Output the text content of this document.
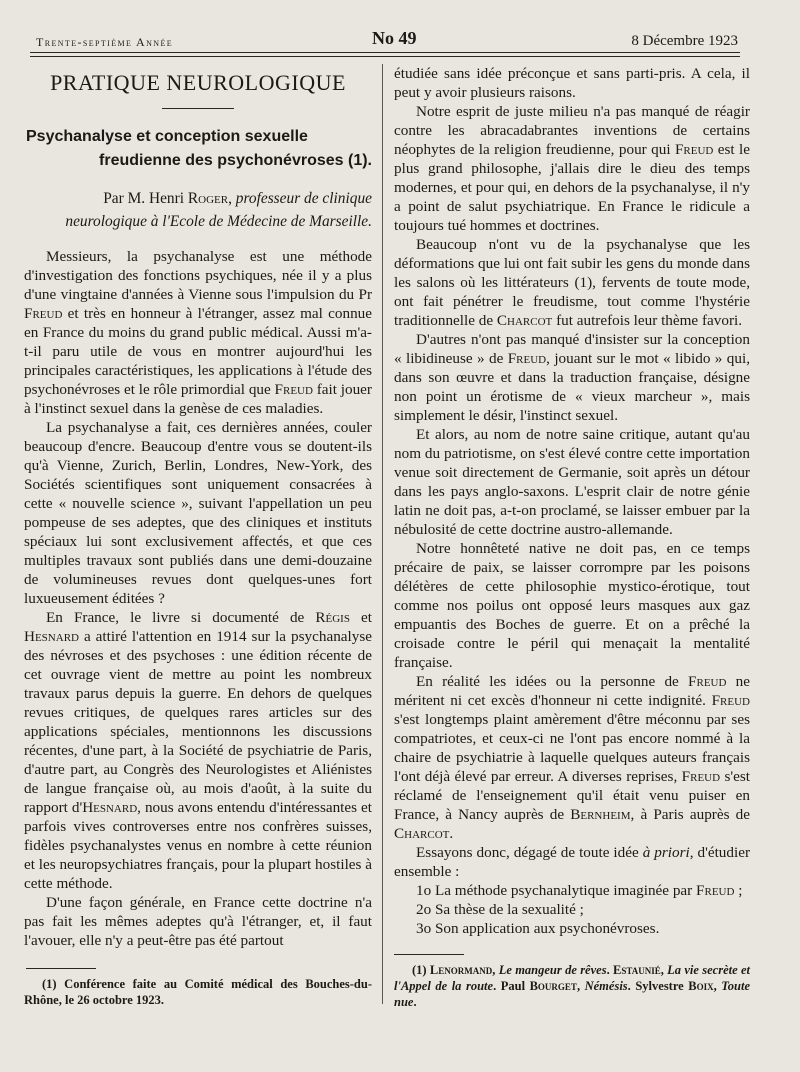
Trente-septième Année	No 49	8 Décembre 1923
PRATIQUE NEUROLOGIQUE
Psychanalyse et conception sexuelle
freudienne des psychonévroses (1).

Par M. Henri Roger, professeur de clinique

neurologique à l'Ecole de Médecine de Marseille.

Messieurs, la psychanalyse est une méthode d'investigation des fonctions psychiques, née il y a plus d'une vingtaine d'années à Vienne sous l'impulsion du Pr Freud et très en honneur à l'étranger, assez mal connue en France du moins du grand public médical. Aussi m'a-t-il paru utile de vous en montrer aujourd'hui les principales caractéristiques, les applications à l'étude des psychonévroses et le rôle primordial que Freud fait jouer à l'instinct sexuel dans la genèse de ces maladies.

La psychanalyse a fait, ces dernières années, couler beaucoup d'encre. Beaucoup d'entre vous se doutent-ils qu'à Vienne, Zurich, Berlin, Londres, New-York, des Sociétés scientifiques sont uniquement consacrées à cette « nouvelle science », suivant l'appellation un peu pompeuse de ses adeptes, que des cliniques et instituts spéciaux lui sont exclusivement affectés, et que ces multiples travaux sont publiés dans une demi-douzaine de volumineuses revues dont quelques-unes fort luxueusement éditées ?

En France, le livre si documenté de Régis et Hesnard a attiré l'attention en 1914 sur la psychanalyse des névroses et des psychoses : une édition récente de cet ouvrage vient de mettre au point les nombreux travaux parus depuis la guerre. En dehors de quelques revues critiques, de quelques rares articles sur des applications spéciales, mentionnons les discussions récentes, d'une part, à la Société de psychiatrie de Paris, d'autre part, au Congrès des Neurologistes et Aliénistes de langue française où, au mois d'août, à la suite du rapport d'Hesnard, nous avons entendu d'intéressantes et parfois vives controverses entre nos confrères suisses, fidèles psychanalystes venus en nombre à cette réunion et les neuropsychiatres français, pour la plupart hostiles à cette méthode.

D'une façon générale, en France cette doctrine n'a pas fait les mêmes adeptes qu'à l'étranger, et, il faut l'avouer, elle n'y a peut-être pas été partout

étudiée sans idée préconçue et sans parti-pris. A cela, il peut y avoir plusieurs raisons.

Notre esprit de juste milieu n'a pas manqué de réagir contre les abracadabrantes inventions de certains néophytes de la religion freudienne, pour qui Freud est le plus grand philosophe, j'allais dire le dieu des temps modernes, et pour qui, en dehors de la psychanalyse, il n'y a point de salut psychiatrique. En France le ridicule a toujours tué hommes et doctrines.

Beaucoup n'ont vu de la psychanalyse que les déformations que lui ont fait subir les gens du monde dans les salons où les littérateurs (1), fervents de toute mode, ont fait pénétrer le freudisme, tout comme l'hystérie traditionnelle de Charcot fut autrefois leur thème favori.

D'autres n'ont pas manqué d'insister sur la conception « libidineuse » de Freud, jouant sur le mot « libido » qui, dans son œuvre et dans la traduction française, désigne non point un érotisme de « vieux marcheur », mais simplement le désir, l'instinct sexuel.

Et alors, au nom de notre saine critique, autant qu'au nom du patriotisme, on s'est élevé contre cette importation venue soit directement de Germanie, soit après un détour dans les pays anglo-saxons. L'esprit clair de notre génie latin ne doit pas, a-t-on proclamé, se laisser embuer par la nébulosité de cette doctrine austro-allemande.

Notre honnêteté native ne doit pas, en ce temps précaire de paix, se laisser corrompre par les poisons délétères de cette philosophie mystico-érotique, tout comme nos poilus ont opposé leurs masques aux gaz empuantis des Boches de guerre. Et on a prêché la croisade contre le péril qui menaçait la mentalité française.

En réalité les idées ou la personne de Freud ne méritent ni cet excès d'honneur ni cette indignité. Freud s'est longtemps plaint amèrement d'être méconnu par ses compatriotes, et ceux-ci ne l'ont pas encore nommé à la chaire de psychiatrie à laquelle quelques auteurs français l'ont déjà élevé par erreur. A diverses reprises, Freud s'est réclamé de l'enseignement qu'il était venu puiser en France, à Nancy auprès de Bernheim, à Paris auprès de Charcot.

Essayons donc, dégagé de toute idée à priori, d'étudier ensemble :

1o La méthode psychanalytique imaginée par Freud ;

2o Sa thèse de la sexualité ;

3o Son application aux psychonévroses.

(1) Lenormand, Le mangeur de rêves. Estaunié, La vie secrète et l'Appel de la route. Paul Bourget, Némésis. Sylvestre Boix, Toute nue.

(1) Conférence faite au Comité médical des Bouches-du-Rhône, le 26 octobre 1923.
